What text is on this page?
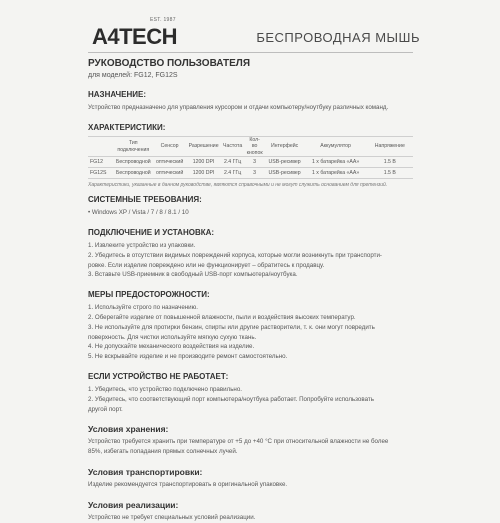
EST. 1987
A4TECH	БЕСПРОВОДНАЯ МЫШЬ

РУКОВОДСТВО ПОЛЬЗОВАТЕЛЯ

для моделей: FG12, FG12S

НАЗНАЧЕНИЕ:

Устройство предназначено для управления курсором и отдачи компьютеру/ноутбуку различных команд.

ХАРАКТЕРИСТИКИ:

	Тип подключения	Сенсор	Разрешение	Частота	Кол-во кнопок	Интерфейс	Аккумулятор	Напряжение
FG12	Беспроводной	оптический	1200 DPI	2.4 ГГц	3	USB-ресивер	1 х батарейка «AA»	1.5 В
FG12S	Беспроводной	оптический	1200 DPI	2.4 ГГц	3	USB-ресивер	1 х батарейка «AA»	1.5 В

Характеристики, указанные в данном руководстве, являются справочными и не могут служить основанием для претензий.

СИСТЕМНЫЕ ТРЕБОВАНИЯ:

• Windows XP / Vista / 7 / 8 / 8.1 / 10

ПОДКЛЮЧЕНИЕ И УСТАНОВКА:

1. Извлеките устройство из упаковки.

2. Убедитесь в отсутствии видимых повреждений корпуса, которые могли возникнуть при транспорти-

ровке. Если изделие повреждено или не функционирует – обратитесь к продавцу.

3. Вставьте USB-приемник в свободный USB-порт компьютера/ноутбука.

МЕРЫ ПРЕДОСТОРОЖНОСТИ:

1. Используйте строго по назначению.

2. Оберегайте изделие от повышенной влажности, пыли и воздействия высоких температур.

3. Не используйте для протирки бензин, спирты или другие растворители, т. к. они могут повредить

поверхность. Для чистки используйте мягкую сухую ткань.

4. Не допускайте механического воздействия на изделие.

5. Не вскрывайте изделие и не производите ремонт самостоятельно.

ЕСЛИ УСТРОЙСТВО НЕ РАБОТАЕТ:

1. Убедитесь, что устройство подключено правильно.

2. Убедитесь, что соответствующий порт компьютера/ноутбука работает. Попробуйте использовать

другой порт.

Условия хранения:

Устройство требуется хранить при температуре от +5 до +40 °С при относительной влажности не более

85%, избегать попадания прямых солнечных лучей.

Условия транспортировки:

Изделие рекомендуется транспортировать в оригинальной упаковке.

Условия реализации:

Устройство не требует специальных условий реализации.
